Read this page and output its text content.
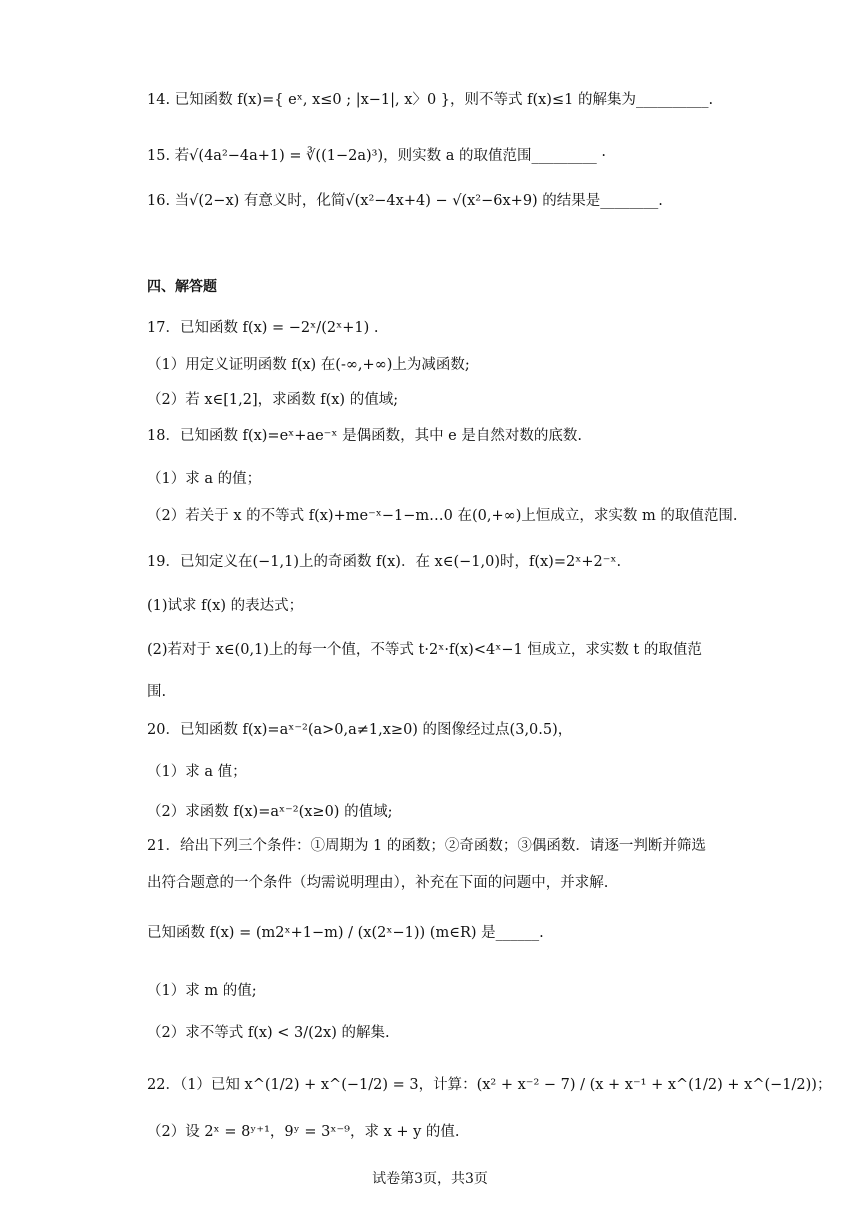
14. 已知函数 f(x)={ eˣ, x≤0 ; |x−1|, x〉0 }，则不等式 f(x)≤1 的解集为__________.
15. 若√(4a²−4a+1) = ∛((1−2a)³)，则实数 a 的取值范围_________ ·
16. 当√(2−x) 有意义时，化简√(x²−4x+4) − √(x²−6x+9) 的结果是________.
四、解答题
17．已知函数 f(x) = −2ˣ/(2ˣ+1) .
（1）用定义证明函数 f(x) 在(-∞,+∞)上为减函数;
（2）若 x∈[1,2]，求函数 f(x) 的值域;
18．已知函数 f(x)=eˣ+ae⁻ˣ 是偶函数，其中 e 是自然对数的底数.
（1）求 a 的值；
（2）若关于 x 的不等式 f(x)+me⁻ˣ−1−m…0 在(0,+∞)上恒成立，求实数 m 的取值范围.
19．已知定义在(−1,1)上的奇函数 f(x)．在 x∈(−1,0)时，f(x)=2ˣ+2⁻ˣ.
(1)试求 f(x) 的表达式；
(2)若对于 x∈(0,1)上的每一个值，不等式 t·2ˣ·f(x)<4ˣ−1 恒成立，求实数 t 的取值范
围.
20．已知函数 f(x)=aˣ⁻²(a>0,a≠1,x≥0) 的图像经过点(3,0.5)，
（1）求 a 值；
（2）求函数 f(x)=aˣ⁻²(x≥0) 的值域;
21．给出下列三个条件：①周期为 1 的函数；②奇函数；③偶函数．请逐一判断并筛选
出符合题意的一个条件（均需说明理由），补充在下面的问题中，并求解.
已知函数 f(x) = (m2ˣ+1−m) / (x(2ˣ−1)) (m∈R) 是______.
（1）求 m 的值;
（2）求不等式 f(x) < 3/(2x) 的解集.
22．（1）已知 x^(1/2) + x^(−1/2) = 3，计算：(x² + x⁻² − 7) / (x + x⁻¹ + x^(1/2) + x^(−1/2))；
（2）设 2ˣ = 8ʸ⁺¹，9ʸ = 3ˣ⁻⁹，求 x + y 的值.
试卷第3页，共3页
